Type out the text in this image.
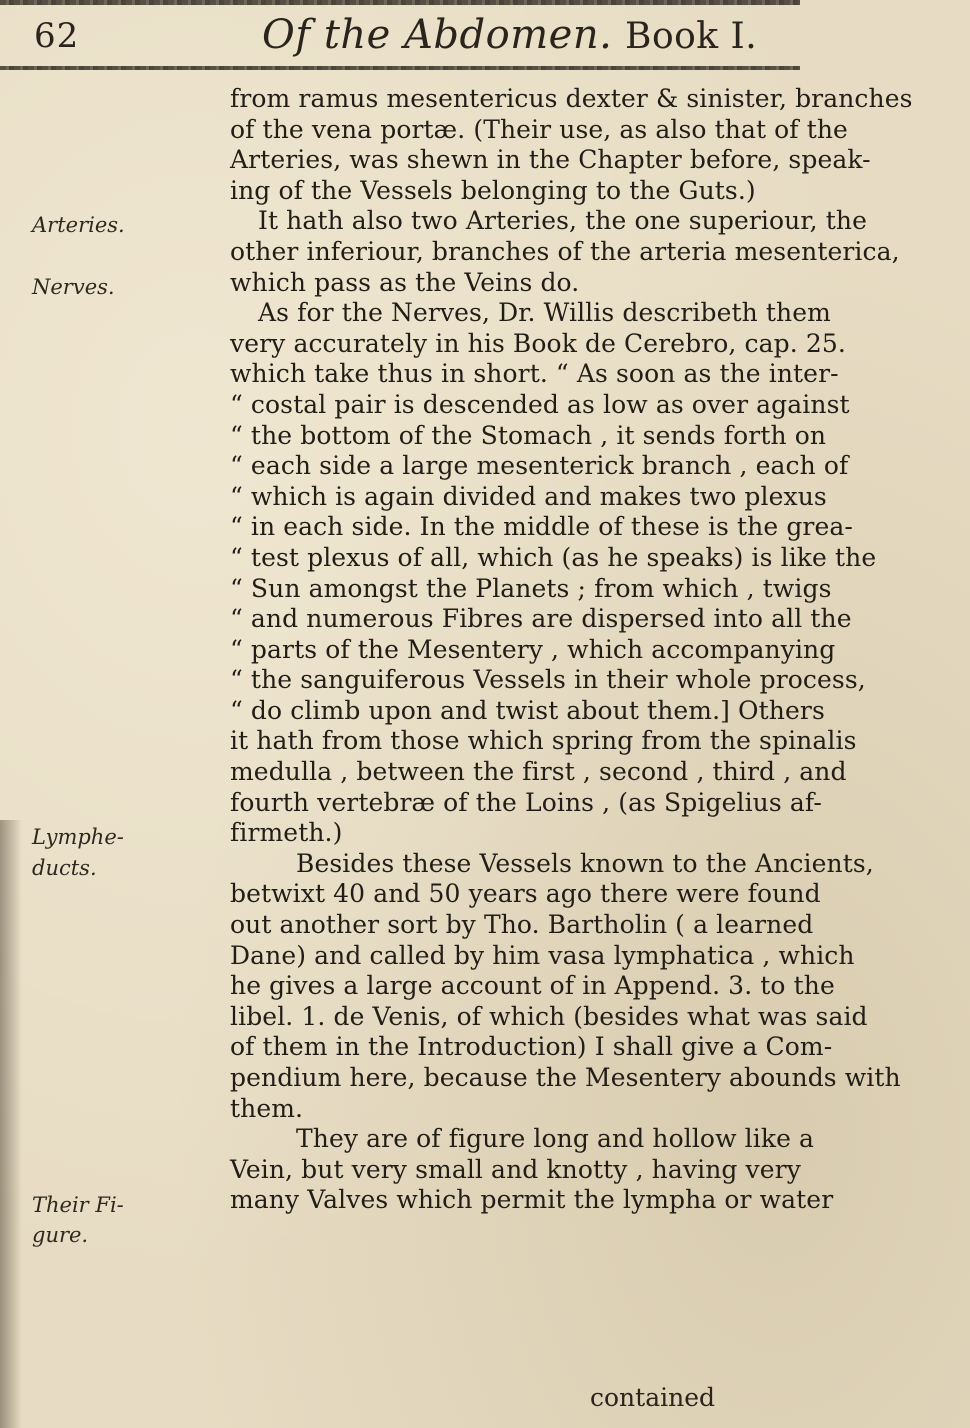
62	Of the Abdomen. Book I.
Arteries.
Nerves.
Lymphe-
ducts.
Their Fi-
gure.
from ramus mesentericus dexter & sinister, branches
of the vena portæ. (Their use, as also that of the
Arteries, was shewn in the Chapter before, speak-
ing of the Vessels belonging to the Guts.)
It hath also two Arteries, the one superiour, the
other inferiour, branches of the arteria mesenterica,
which pass as the Veins do.
As for the Nerves, Dr. Willis describeth them
very accurately in his Book de Cerebro, cap. 25.
which take thus in short. “ As soon as the inter-
“ costal pair is descended as low as over against
“ the bottom of the Stomach , it sends forth on
“ each side a large mesenterick branch , each of
“ which is again divided and makes two plexus
“ in each side. In the middle of these is the grea-
“ test plexus of all, which (as he speaks) is like the
“ Sun amongst the Planets ; from which , twigs
“ and numerous Fibres are dispersed into all the
“ parts of the Mesentery , which accompanying
“ the sanguiferous Vessels in their whole process,
“ do climb upon and twist about them.] Others
it hath from those which spring from the spinalis
medulla , between the first , second , third , and
fourth vertebræ of the Loins , (as Spigelius af-
firmeth.)
Besides these Vessels known to the Ancients,
betwixt 40 and 50 years ago there were found
out another sort by Tho. Bartholin ( a learned
Dane) and called by him vasa lymphatica , which
he gives a large account of in Append. 3. to the
libel. 1. de Venis, of which (besides what was said
of them in the Introduction) I shall give a Com-
pendium here, because the Mesentery abounds with
them.
They are of figure long and hollow like a
Vein, but very small and knotty , having very
many Valves which permit the lympha or water
contained
